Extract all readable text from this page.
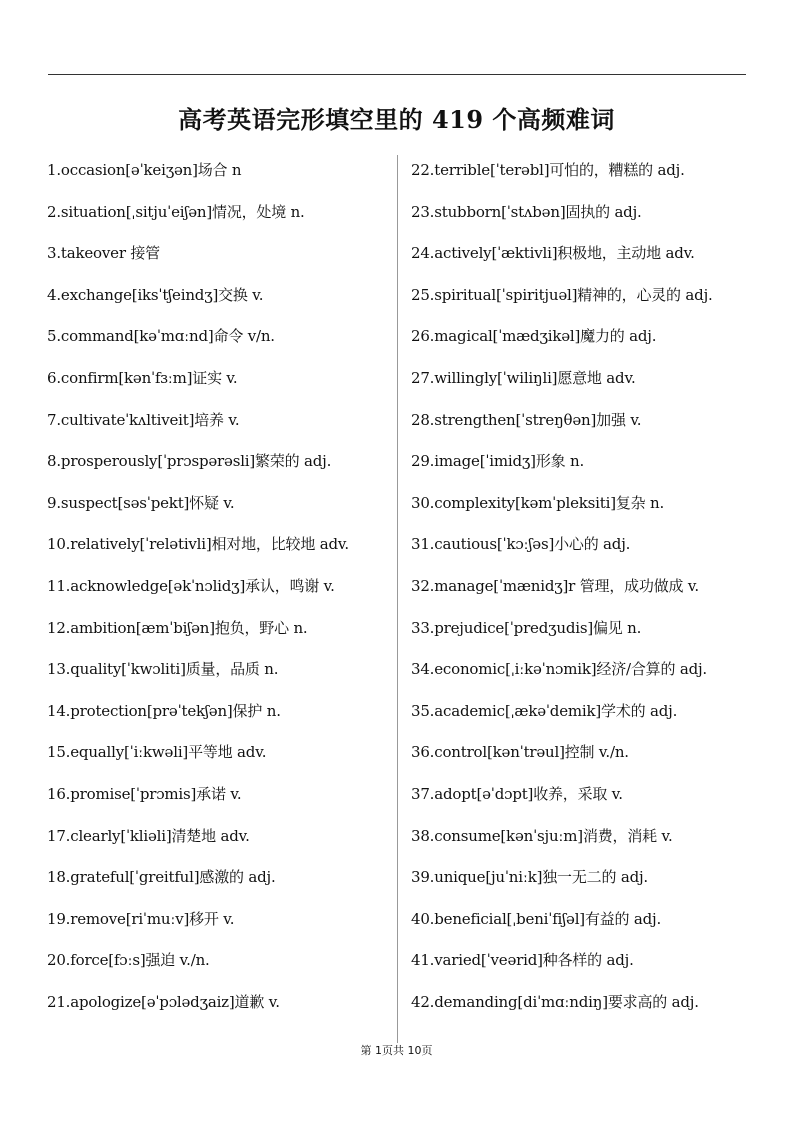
高考英语完形填空里的 419 个高频难词
1.occasion[əˈkeiʒən]场合 n
2.situation[ˌsitjuˈeiʃən]情况，处境 n.
3.takeover 接管
4.exchange[iksˈtʃeindʒ]交换 v.
5.command[kəˈmɑːnd]命令 v/n.
6.confirm[kənˈfɜːm]证实 v.
7.cultivateˈkʌltiveit]培养 v.
8.prosperously[ˈprɔspərəsli]繁荣的 adj.
9.suspect[səsˈpekt]怀疑 v.
10.relatively[ˈrelətivli]相对地，比较地 adv.
11.acknowledge[əkˈnɔlidʒ]承认，鸣谢 v.
12.ambition[æmˈbiʃən]抱负，野心 n.
13.quality[ˈkwɔliti]质量，品质 n.
14.protection[prəˈtekʃən]保护 n.
15.equally[ˈiːkwəli]平等地 adv.
16.promise[ˈprɔmis]承诺 v.
17.clearly[ˈkliəli]清楚地 adv.
18.grateful[ˈgreitful]感激的 adj.
19.remove[riˈmuːv]移开 v.
20.force[fɔːs]强迫 v./n.
21.apologize[əˈpɔlədʒaiz]道歉 v.
22.terrible[ˈterəbl]可怕的，糟糕的 adj.
23.stubborn[ˈstʌbən]固执的 adj.
24.actively[ˈæktivli]积极地，主动地 adv.
25.spiritual[ˈspiritjuəl]精神的，心灵的 adj.
26.magical[ˈmædʒikəl]魔力的 adj.
27.willingly[ˈwiliŋli]愿意地 adv.
28.strengthen[ˈstreŋθən]加强 v.
29.image[ˈimidʒ]形象 n.
30.complexity[kəmˈpleksiti]复杂 n.
31.cautious[ˈkɔːʃəs]小心的 adj.
32.manage[ˈmænidʒ]r 管理，成功做成 v.
33.prejudice[ˈpredʒudis]偏见 n.
34.economic[ˌiːkəˈnɔmik]经济/合算的 adj.
35.academic[ˌækəˈdemik]学术的 adj.
36.control[kənˈtrəul]控制 v./n.
37.adopt[əˈdɔpt]收养，采取 v.
38.consume[kənˈsjuːm]消费，消耗 v.
39.unique[juˈniːk]独一无二的 adj.
40.beneficial[ˌbeniˈfiʃəl]有益的 adj.
41.varied[ˈveərid]种各样的 adj.
42.demanding[diˈmɑːndiŋ]要求高的 adj.
第 1页共 10页
